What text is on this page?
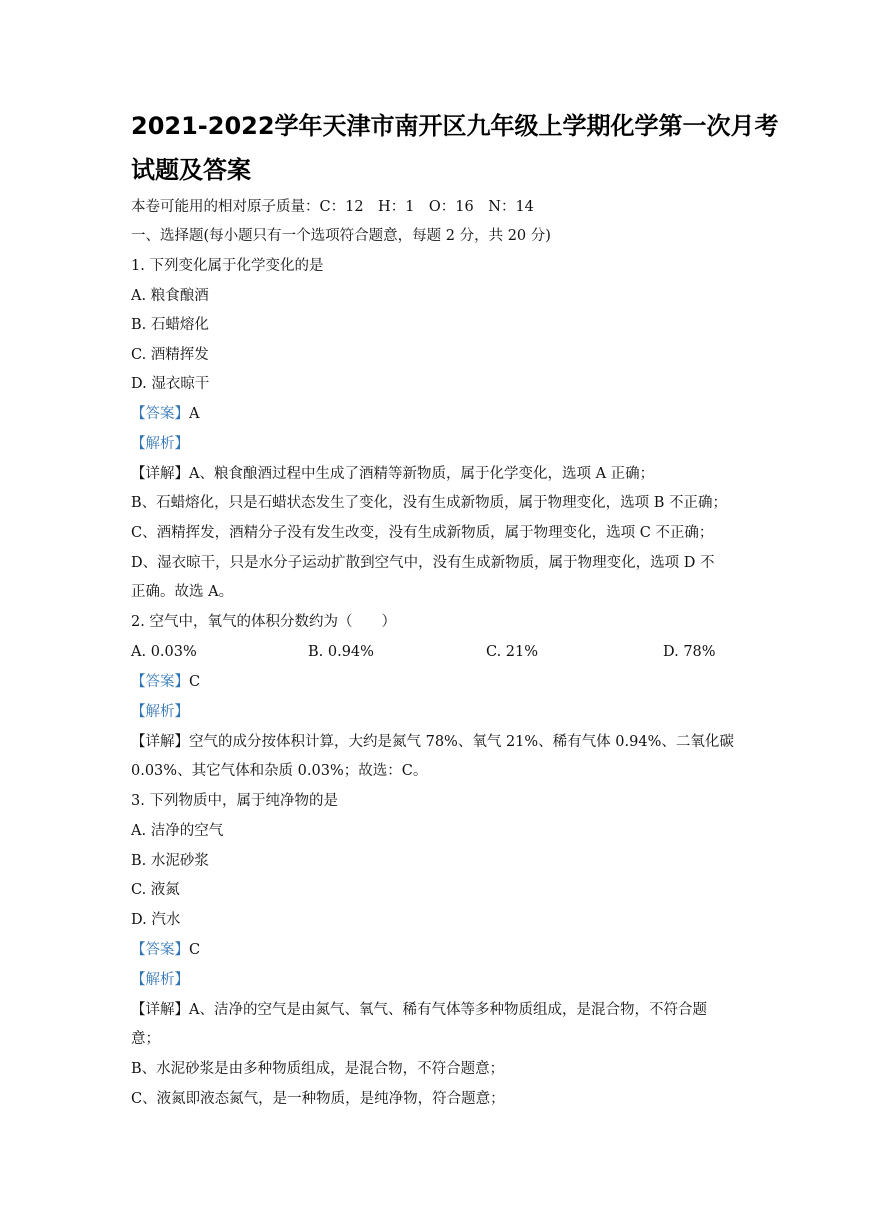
2021-2022学年天津市南开区九年级上学期化学第一次月考
试题及答案
本卷可能用的相对原子质量：C：12　H：1　O：16　N：14
一、选择题(每小题只有一个选项符合题意，每题 2 分，共 20 分)
1. 下列变化属于化学变化的是
A. 粮食酿酒
B. 石蜡熔化
C. 酒精挥发
D. 湿衣晾干
【答案】A
【解析】
【详解】A、粮食酿酒过程中生成了酒精等新物质，属于化学变化，选项 A 正确；
B、石蜡熔化，只是石蜡状态发生了变化，没有生成新物质，属于物理变化，选项 B 不正确；
C、酒精挥发，酒精分子没有发生改变，没有生成新物质，属于物理变化，选项 C 不正确；
D、湿衣晾干，只是水分子运动扩散到空气中，没有生成新物质，属于物理变化，选项 D 不
正确。故选 A。
2. 空气中，氧气的体积分数约为（　　）
A. 0.03%	B. 0.94%	C. 21%	D. 78%
【答案】C
【解析】
【详解】空气的成分按体积计算，大约是氮气 78%、氧气 21%、稀有气体 0.94%、二氧化碳
0.03%、其它气体和杂质 0.03%；故选：C。
3. 下列物质中，属于纯净物的是
A. 洁净的空气
B. 水泥砂浆
C. 液氮
D. 汽水
【答案】C
【解析】
【详解】A、洁净的空气是由氮气、氧气、稀有气体等多种物质组成，是混合物，不符合题
意；
B、水泥砂浆是由多种物质组成，是混合物，不符合题意；
C、液氮即液态氮气，是一种物质，是纯净物，符合题意；
